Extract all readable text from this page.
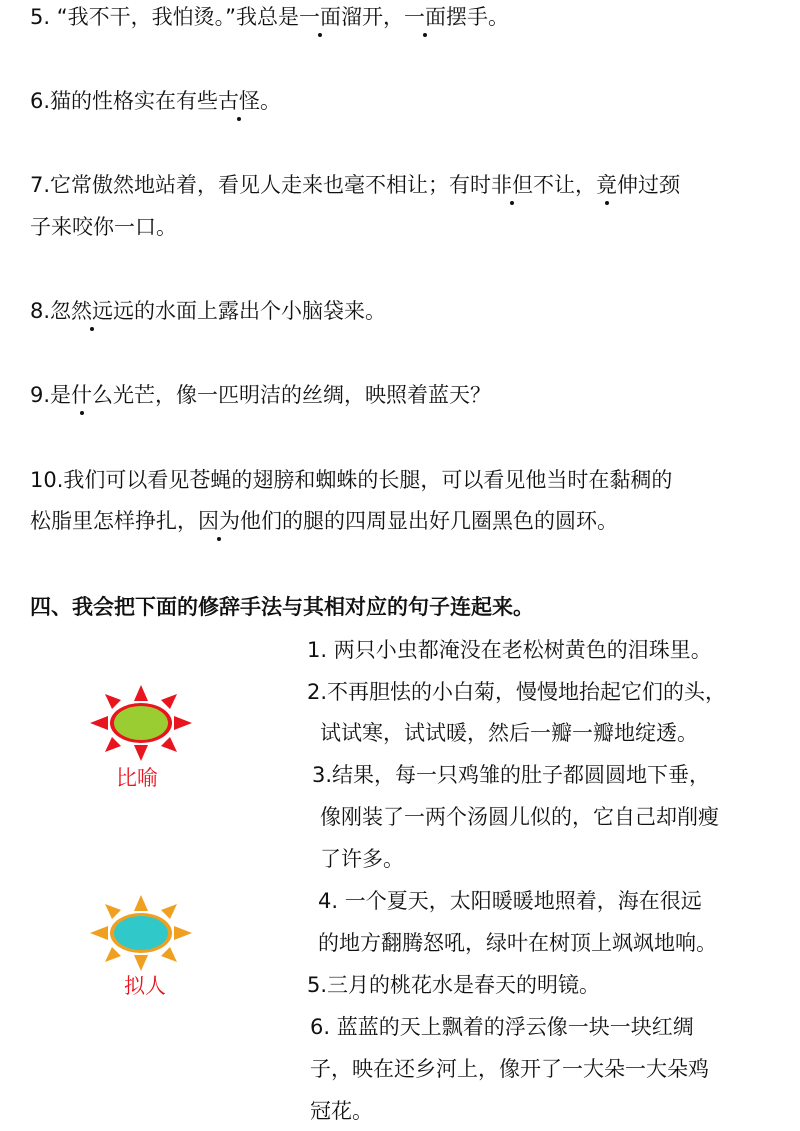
5. “我不干，我怕烫。”我总是一面溜开，一面摆手。
6.猫的性格实在有些古怪。
7.它常傲然地站着，看见人走来也毫不相让；有时非但不让，竟伸过颈
子来咬你一口。
8.忽然远远的水面上露出个小脑袋来。
9.是什么光芒，像一匹明洁的丝绸，映照着蓝天？
10.我们可以看见苍蝇的翅膀和蜘蛛的长腿，可以看见他当时在黏稠的
松脂里怎样挣扎，因为他们的腿的四周显出好几圈黑色的圆环。
四、我会把下面的修辞手法与其相对应的句子连起来。
比喻
拟人
1. 两只小虫都淹没在老松树黄色的泪珠里。
2.不再胆怯的小白菊，慢慢地抬起它们的头，
试试寒，试试暖，然后一瓣一瓣地绽透。
3.结果，每一只鸡雏的肚子都圆圆地下垂，
像刚装了一两个汤圆儿似的，它自己却削瘦
了许多。
4. 一个夏天，太阳暖暖地照着，海在很远
的地方翻腾怒吼，绿叶在树顶上飒飒地响。
5.三月的桃花水是春天的明镜。
6. 蓝蓝的天上飘着的浮云像一块一块红绸
子，映在还乡河上，像开了一大朵一大朵鸡
冠花。
